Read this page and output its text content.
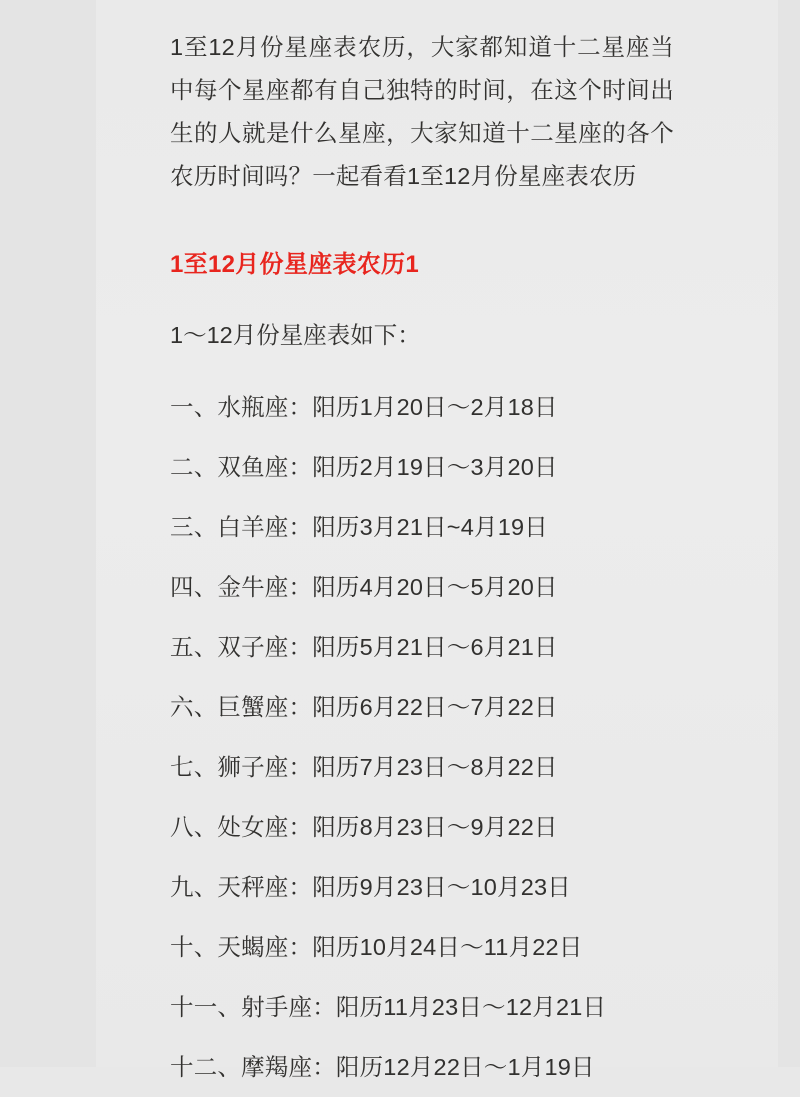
1至12月份星座表农历，大家都知道十二星座当中每个星座都有自己独特的时间，在这个时间出生的人就是什么星座，大家知道十二星座的各个农历时间吗？一起看看1至12月份星座表农历

1至12月份星座表农历1

1～12月份星座表如下：

一、水瓶座：阳历1月20日～2月18日
二、双鱼座：阳历2月19日～3月20日
三、白羊座：阳历3月21日~4月19日
四、金牛座：阳历4月20日～5月20日
五、双子座：阳历5月21日～6月21日
六、巨蟹座：阳历6月22日～7月22日
七、狮子座：阳历7月23日～8月22日
八、处女座：阳历8月23日～9月22日
九、天秤座：阳历9月23日～10月23日
十、天蝎座：阳历10月24日～11月22日
十一、射手座：阳历11月23日～12月21日
十二、摩羯座：阳历12月22日～1月19日
